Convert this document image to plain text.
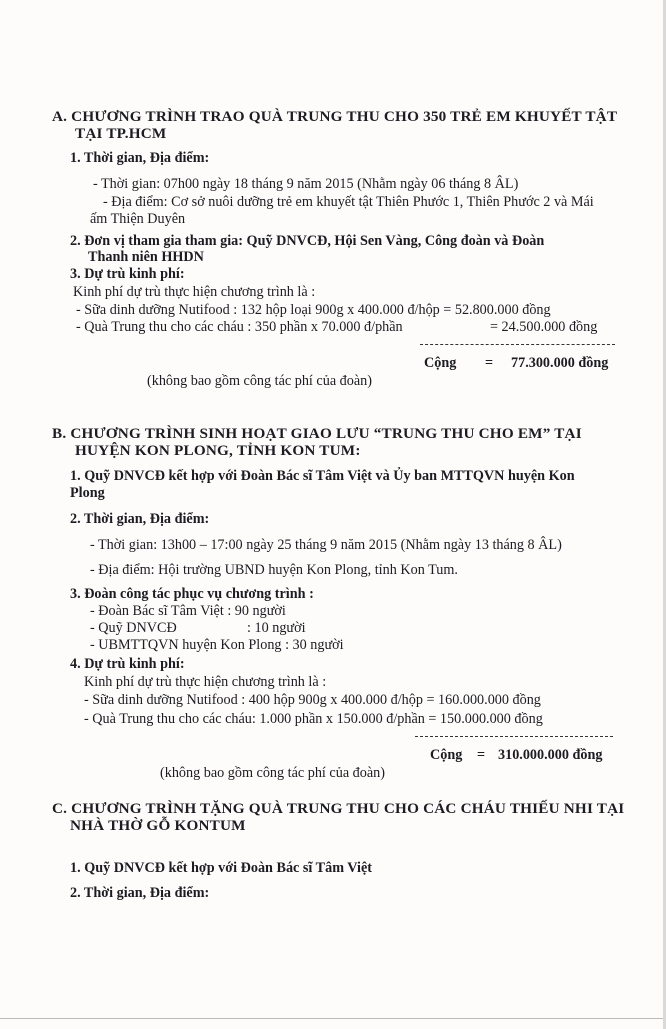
A. CHƯƠNG TRÌNH TRAO QUÀ TRUNG THU CHO 350 TRẺ EM KHUYẾT TẬT
TẠI TP.HCM
1. Thời gian, Địa điểm:
- Thời gian: 07h00 ngày 18 tháng 9 năm 2015 (Nhằm ngày 06 tháng 8 ÂL)
- Địa điểm: Cơ sở nuôi dưỡng trẻ em khuyết tật Thiên Phước 1, Thiên Phước 2 và Mái
ấm Thiện Duyên
2. Đơn vị tham gia tham gia: Quỹ DNVCĐ, Hội Sen Vàng, Công đoàn và Đoàn
Thanh niên HHDN
3. Dự trù kinh phí:
Kinh phí dự trù thực hiện chương trình là :
- Sữa dinh dưỡng Nutifood : 132 hộp loại 900g x 400.000 đ/hộp = 52.800.000 đồng
- Quà Trung thu cho các cháu : 350 phần x 70.000 đ/phần	= 24.500.000 đồng
Cộng = 77.300.000 đồng
(không bao gồm công tác phí của đoàn)
B. CHƯƠNG TRÌNH SINH HOẠT GIAO LƯU “TRUNG THU CHO EM” TẠI
HUYỆN KON PLONG, TỈNH KON TUM:
1. Quỹ DNVCĐ kết hợp với Đoàn Bác sĩ Tâm Việt và Ủy ban MTTQVN huyện Kon
Plong
2. Thời gian, Địa điểm:
- Thời gian: 13h00 – 17:00 ngày 25 tháng 9 năm 2015 (Nhằm ngày 13 tháng 8 ÂL)
- Địa điểm: Hội trường UBND huyện Kon Plong, tỉnh Kon Tum.
3. Đoàn công tác phục vụ chương trình :
- Đoàn Bác sĩ Tâm Việt : 90 người
- Quỹ DNVCĐ	: 10 người
- UBMTTQVN huyện Kon Plong : 30 người
4. Dự trù kinh phí:
Kinh phí dự trù thực hiện chương trình là :
- Sữa dinh dưỡng Nutifood : 400 hộp 900g x 400.000 đ/hộp = 160.000.000 đồng
- Quà Trung thu cho các cháu: 1.000 phần x 150.000 đ/phần = 150.000.000 đồng
Cộng = 310.000.000 đồng
(không bao gồm công tác phí của đoàn)
C. CHƯƠNG TRÌNH TẶNG QUÀ TRUNG THU CHO CÁC CHÁU THIẾU NHI TẠI
NHÀ THỜ GỖ KONTUM
1. Quỹ DNVCĐ kết hợp với Đoàn Bác sĩ Tâm Việt
2. Thời gian, Địa điểm:
